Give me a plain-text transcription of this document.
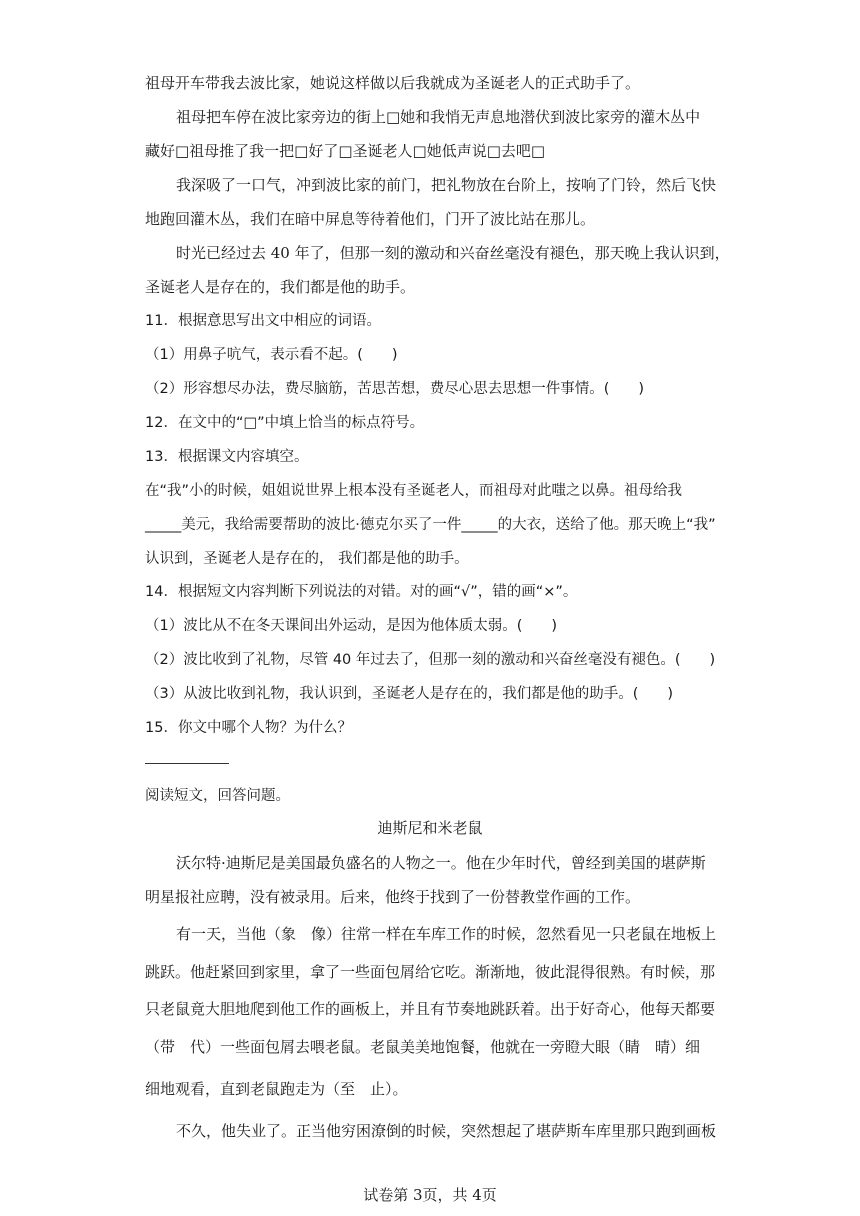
祖母开车带我去波比家，她说这样做以后我就成为圣诞老人的正式助手了。
祖母把车停在波比家旁边的街上□她和我悄无声息地潜伏到波比家旁的灌木丛中
藏好□祖母推了我一把□好了□圣诞老人□她低声说□去吧□
我深吸了一口气，冲到波比家的前门，把礼物放在台阶上，按响了门铃，然后飞快
地跑回灌木丛，我们在暗中屏息等待着他们，门开了波比站在那儿。
时光已经过去 40 年了，但那一刻的激动和兴奋丝毫没有褪色，那天晚上我认识到，
圣诞老人是存在的，我们都是他的助手。
11．根据意思写出文中相应的词语。
（1）用鼻子吭气，表示看不起。(　　)
（2）形容想尽办法，费尽脑筋，苦思苦想，费尽心思去思想一件事情。(　　)
12．在文中的“□”中填上恰当的标点符号。
13．根据课文内容填空。
在“我”小的时候，姐姐说世界上根本没有圣诞老人，而祖母对此嗤之以鼻。祖母给我
_____美元，我给需要帮助的波比·德克尔买了一件_____的大衣，送给了他。那天晚上“我”
认识到，圣诞老人是存在的， 我们都是他的助手。
14．根据短文内容判断下列说法的对错。对的画“√”，错的画“×”。
（1）波比从不在冬天课间出外运动，是因为他体质太弱。(　　)
（2）波比收到了礼物，尽管 40 年过去了，但那一刻的激动和兴奋丝毫没有褪色。(　　)
（3）从波比收到礼物，我认识到，圣诞老人是存在的，我们都是他的助手。(　　)
15．你文中哪个人物？为什么？
阅读短文，回答问题。
迪斯尼和米老鼠
沃尔特·迪斯尼是美国最负盛名的人物之一。他在少年时代，曾经到美国的堪萨斯
明星报社应聘，没有被录用。后来，他终于找到了一份替教堂作画的工作。
有一天，当他（象　像）往常一样在车库工作的时候，忽然看见一只老鼠在地板上
跳跃。他赶紧回到家里，拿了一些面包屑给它吃。渐渐地，彼此混得很熟。有时候，那
只老鼠竟大胆地爬到他工作的画板上，并且有节奏地跳跃着。出于好奇心，他每天都要
（带　代）一些面包屑去喂老鼠。老鼠美美地饱餐，他就在一旁瞪大眼（睛　晴）细
细地观看，直到老鼠跑走为（至　止）。
不久，他失业了。正当他穷困潦倒的时候，突然想起了堪萨斯车库里那只跑到画板
试卷第 3页，共 4页
